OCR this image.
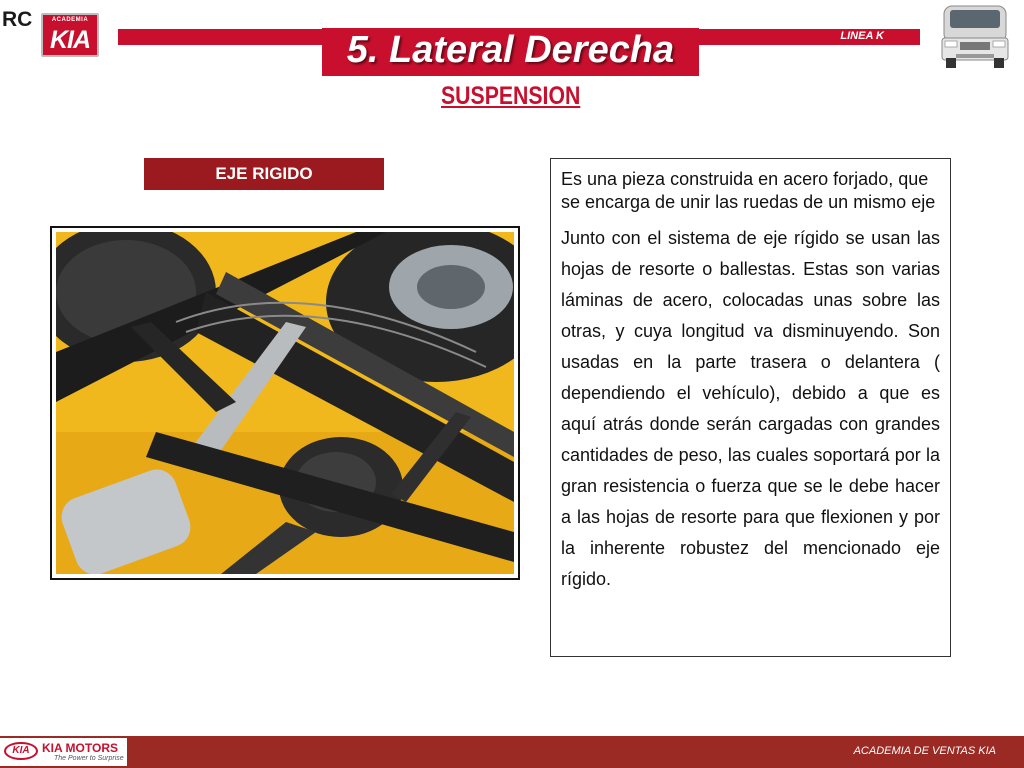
RC	ACADEMIA
KIA	LINEA K
5. Lateral Derecha
SUSPENSION
EJE RIGIDO	Es una pieza construida en acero forjado, que se encarga de unir las ruedas de un mismo eje

Junto con el sistema de eje rígido se usan las hojas de resorte o ballestas. Estas son varias láminas de acero, colocadas unas sobre las otras, y cuya longitud va disminuyendo. Son usadas en la parte trasera o delantera ( dependiendo el vehículo), debido a que es aquí atrás donde serán cargadas con grandes cantidades de peso, las cuales soportará por la gran resistencia o fuerza que se le debe hacer a las hojas de resorte para que flexionen y por la inherente robustez del mencionado eje rígido.

KIA	KIA MOTORS
The Power to Surprise
ACADEMIA DE VENTAS KIA
